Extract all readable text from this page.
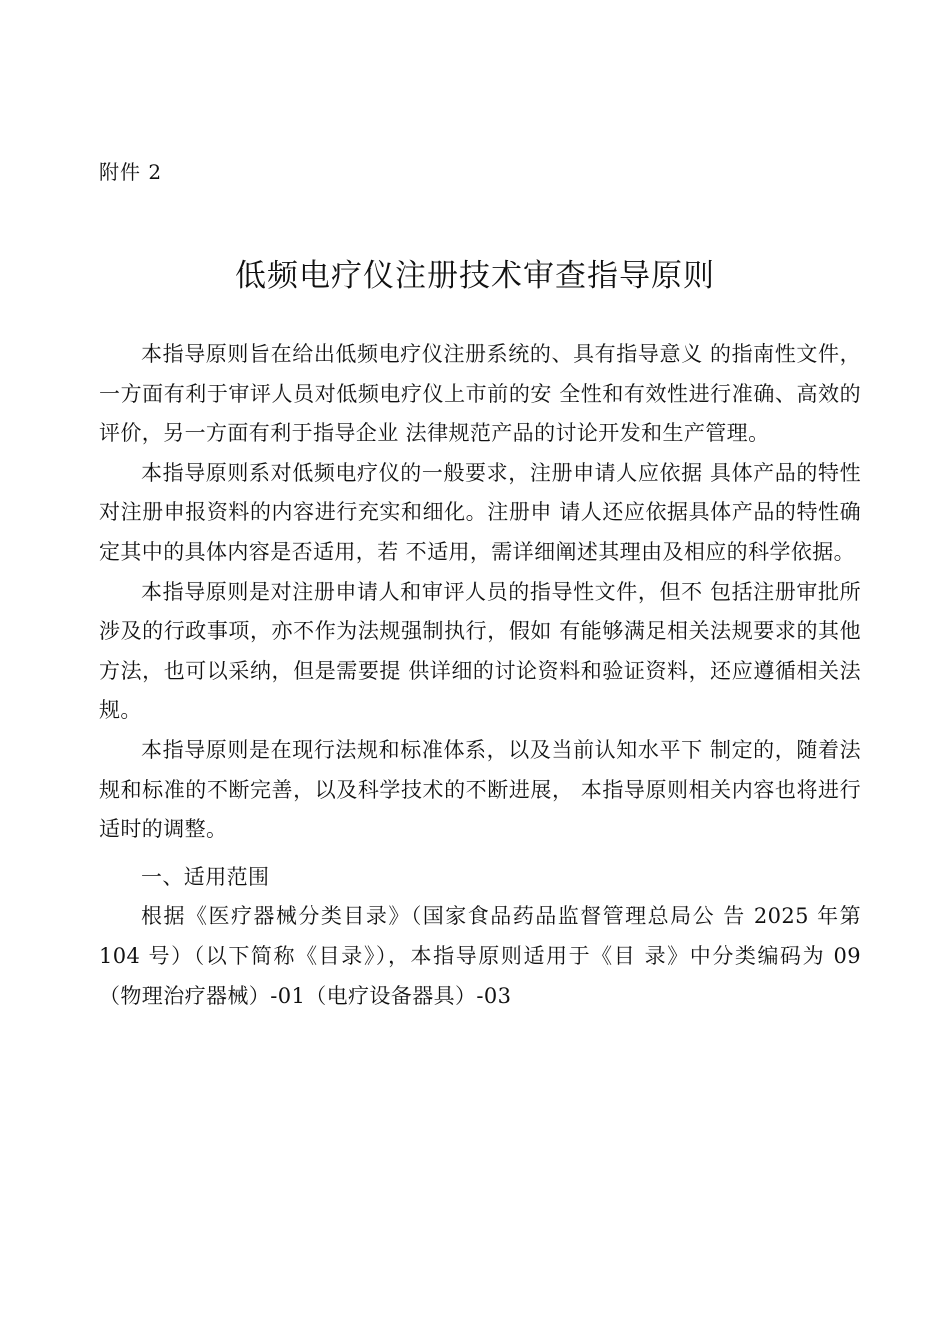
附件 2
低频电疗仪注册技术审查指导原则

本指导原则旨在给出低频电疗仪注册系统的、具有指导意义 的指南性文件，一方面有利于审评人员对低频电疗仪上市前的安 全性和有效性进行准确、高效的评价，另一方面有利于指导企业 法律规范产品的讨论开发和生产管理。

本指导原则系对低频电疗仪的一般要求，注册申请人应依据 具体产品的特性对注册申报资料的内容进行充实和细化。注册申 请人还应依据具体产品的特性确定其中的具体内容是否适用，若 不适用，需详细阐述其理由及相应的科学依据。

本指导原则是对注册申请人和审评人员的指导性文件，但不 包括注册审批所涉及的行政事项，亦不作为法规强制执行，假如 有能够满足相关法规要求的其他方法，也可以采纳，但是需要提 供详细的讨论资料和验证资料，还应遵循相关法规。

本指导原则是在现行法规和标准体系，以及当前认知水平下 制定的，随着法规和标准的不断完善，以及科学技术的不断进展， 本指导原则相关内容也将进行适时的调整。

一、适用范围

根据《医疗器械分类目录》（国家食品药品监督管理总局公 告 2025 年第 104 号）（以下简称《目录》），本指导原则适用于《目 录》中分类编码为 09 （物理治疗器械）-01（电疗设备器具）-03
